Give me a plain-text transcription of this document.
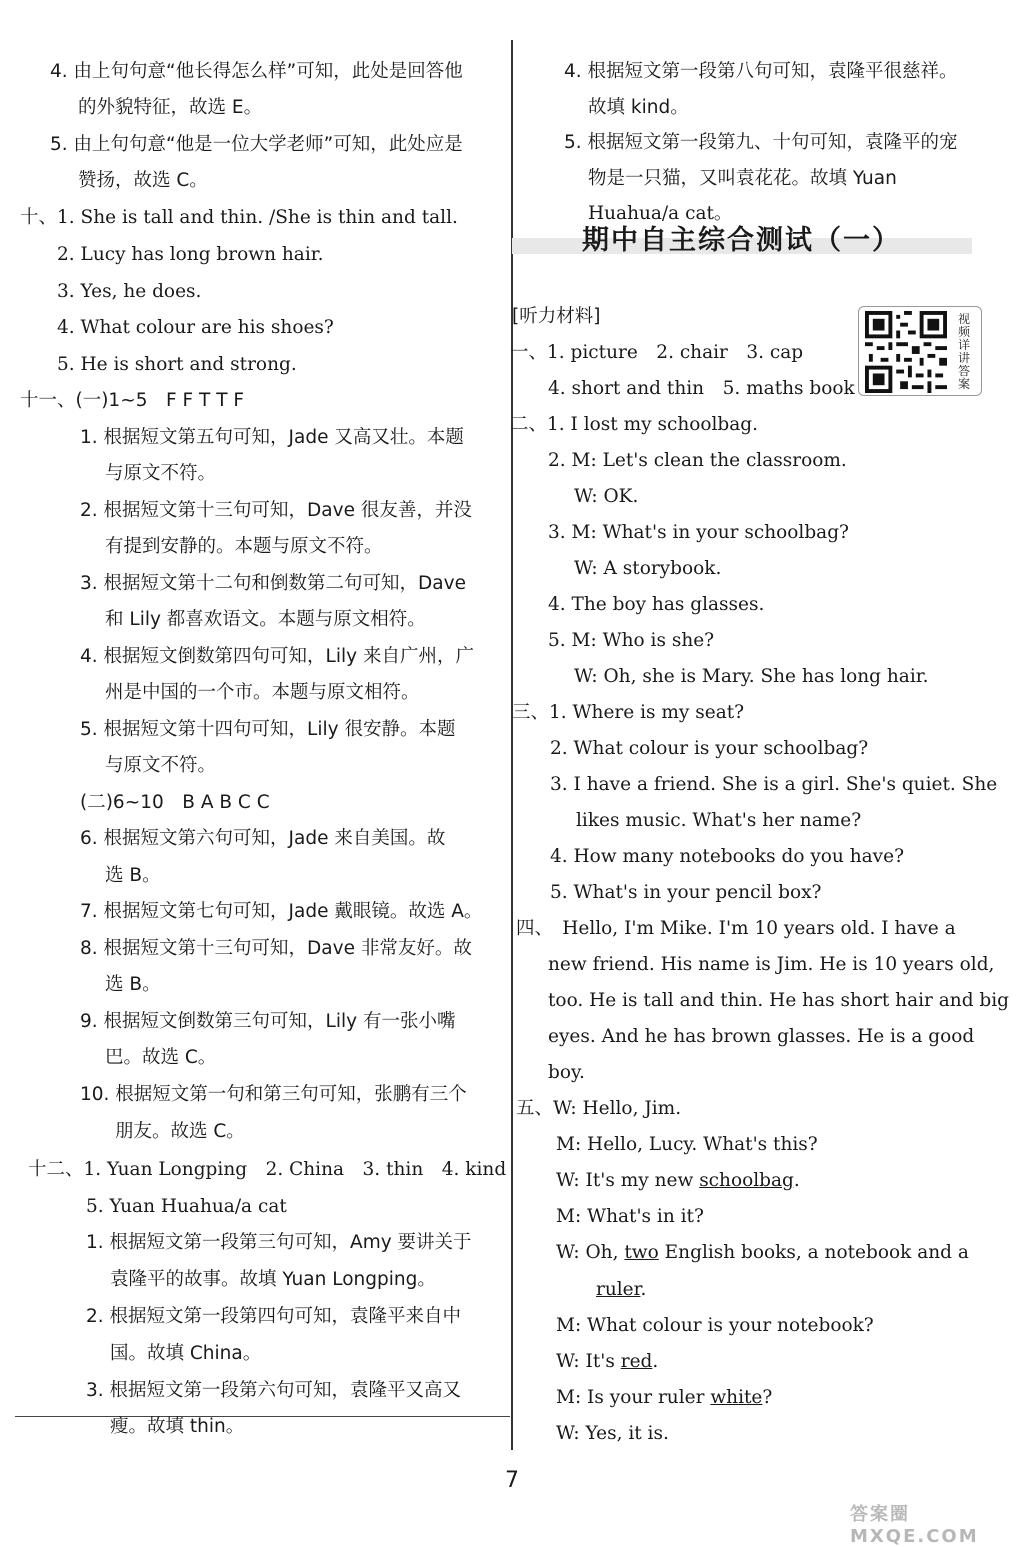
4. 由上句句意“他长得怎么样”可知，此处是回答他
的外貌特征，故选 E。
5. 由上句句意“他是一位大学老师”可知，此处应是
赞扬，故选 C。
十、1. She is tall and thin. /She is thin and tall.
2. Lucy has long brown hair.
3. Yes, he does.
4. What colour are his shoes?
5. He is short and strong.
十一、(一)1~5　F F T T F
1. 根据短文第五句可知，Jade 又高又壮。本题
与原文不符。
2. 根据短文第十三句可知，Dave 很友善，并没
有提到安静的。本题与原文不符。
3. 根据短文第十二句和倒数第二句可知，Dave
和 Lily 都喜欢语文。本题与原文相符。
4. 根据短文倒数第四句可知，Lily 来自广州，广
州是中国的一个市。本题与原文相符。
5. 根据短文第十四句可知，Lily 很安静。本题
与原文不符。
(二)6~10　B A B C C
6. 根据短文第六句可知，Jade 来自美国。故
选 B。
7. 根据短文第七句可知，Jade 戴眼镜。故选 A。
8. 根据短文第十三句可知，Dave 非常友好。故
选 B。
9. 根据短文倒数第三句可知，Lily 有一张小嘴
巴。故选 C。
10. 根据短文第一句和第三句可知，张鹏有三个
朋友。故选 C。
十二、1. Yuan Longping　2. China　3. thin　4. kind
5. Yuan Huahua/a cat
1. 根据短文第一段第三句可知，Amy 要讲关于
袁隆平的故事。故填 Yuan Longping。
2. 根据短文第一段第四句可知，袁隆平来自中
国。故填 China。
3. 根据短文第一段第六句可知，袁隆平又高又
瘦。故填 thin。
4. 根据短文第一段第八句可知，袁隆平很慈祥。
故填 kind。
5. 根据短文第一段第九、十句可知，袁隆平的宠
物是一只猫，又叫袁花花。故填 Yuan
Huahua/a cat。
期中自主综合测试（一）
[听力材料]	视频详讲答案
一、1. picture　2. chair　3. cap
4. short and thin　5. maths book
二、1. I lost my schoolbag.
2. M: Let's clean the classroom.
W: OK.
3. M: What's in your schoolbag?
W: A storybook.
4. The boy has glasses.
5. M: Who is she?
W: Oh, she is Mary. She has long hair.
三、1. Where is my seat?
2. What colour is your schoolbag?
3. I have a friend. She is a girl. She's quiet. She
likes music. What's her name?
4. How many notebooks do you have?
5. What's in your pencil box?
四、　Hello, I'm Mike. I'm 10 years old. I have a
new friend. His name is Jim. He is 10 years old,
too. He is tall and thin. He has short hair and big
eyes. And he has brown glasses. He is a good
boy.
五、W: Hello, Jim.
M: Hello, Lucy. What's this?
W: It's my new schoolbag.
M: What's in it?
W: Oh, two English books, a notebook and a
ruler.
M: What colour is your notebook?
W: It's red.
M: Is your ruler white?
W: Yes, it is.
7
答案圈 MXQE.COM
